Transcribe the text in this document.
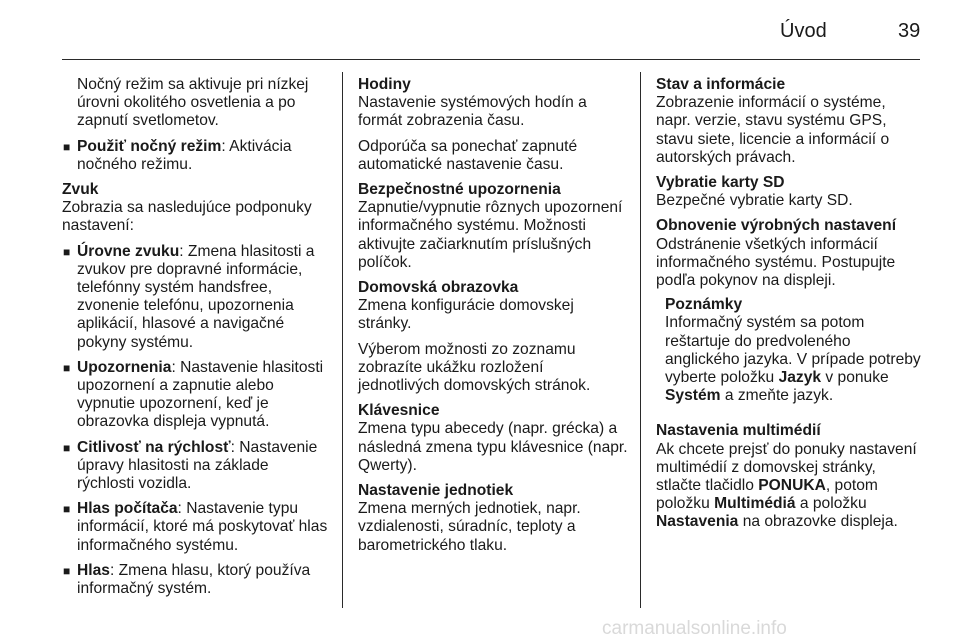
Úvod	39

Nočný režim sa aktivuje pri nízkej úrovni okolitého osvetlenia a po zapnutí svetlometov.

■ Použiť nočný režim: Aktivácia nočného režimu.

Zvuk

Zobrazia sa nasledujúce podponuky nastavení:

■ Úrovne zvuku: Zmena hlasitosti a zvukov pre dopravné informácie, telefónny systém handsfree, zvonenie telefónu, upozornenia aplikácií, hlasové a navigačné pokyny systému.
■ Upozornenia: Nastavenie hlasitosti upozornení a zapnutie alebo vypnutie upozornení, keď je obrazovka displeja vypnutá.
■ Citlivosť na rýchlosť: Nastavenie úpravy hlasitosti na základe rýchlosti vozidla.
■ Hlas počítača: Nastavenie typu informácií, ktoré má poskytovať hlas informačného systému.
■ Hlas: Zmena hlasu, ktorý používa informačný systém.

Hodiny

Nastavenie systémových hodín a formát zobrazenia času.

Odporúča sa ponechať zapnuté automatické nastavenie času.

Bezpečnostné upozornenia

Zapnutie/vypnutie rôznych upozornení informačného systému. Možnosti aktivujte začiarknutím príslušných políčok.

Domovská obrazovka

Zmena konfigurácie domovskej stránky.

Výberom možnosti zo zoznamu zobrazíte ukážku rozložení jednotlivých domovských stránok.

Klávesnice

Zmena typu abecedy (napr. grécka) a následná zmena typu klávesnice (napr. Qwerty).

Nastavenie jednotiek

Zmena merných jednotiek, napr. vzdialenosti, súradníc, teploty a barometrického tlaku.

Stav a informácie

Zobrazenie informácií o systéme, napr. verzie, stavu systému GPS, stavu siete, licencie a informácií o autorských právach.

Vybratie karty SD

Bezpečné vybratie karty SD.

Obnovenie výrobných nastavení

Odstránenie všetkých informácií informačného systému. Postupujte podľa pokynov na displeji.

Poznámky

Informačný systém sa potom reštartuje do predvoleného anglického jazyka. V prípade potreby vyberte položku Jazyk v ponuke Systém a zmeňte jazyk.

Nastavenia multimédií

Ak chcete prejsť do ponuky nastavení multimédií z domovskej stránky, stlačte tlačidlo PONUKA, potom položku Multimédiá a položku Nastavenia na obrazovke displeja.

carmanualsonline.info
